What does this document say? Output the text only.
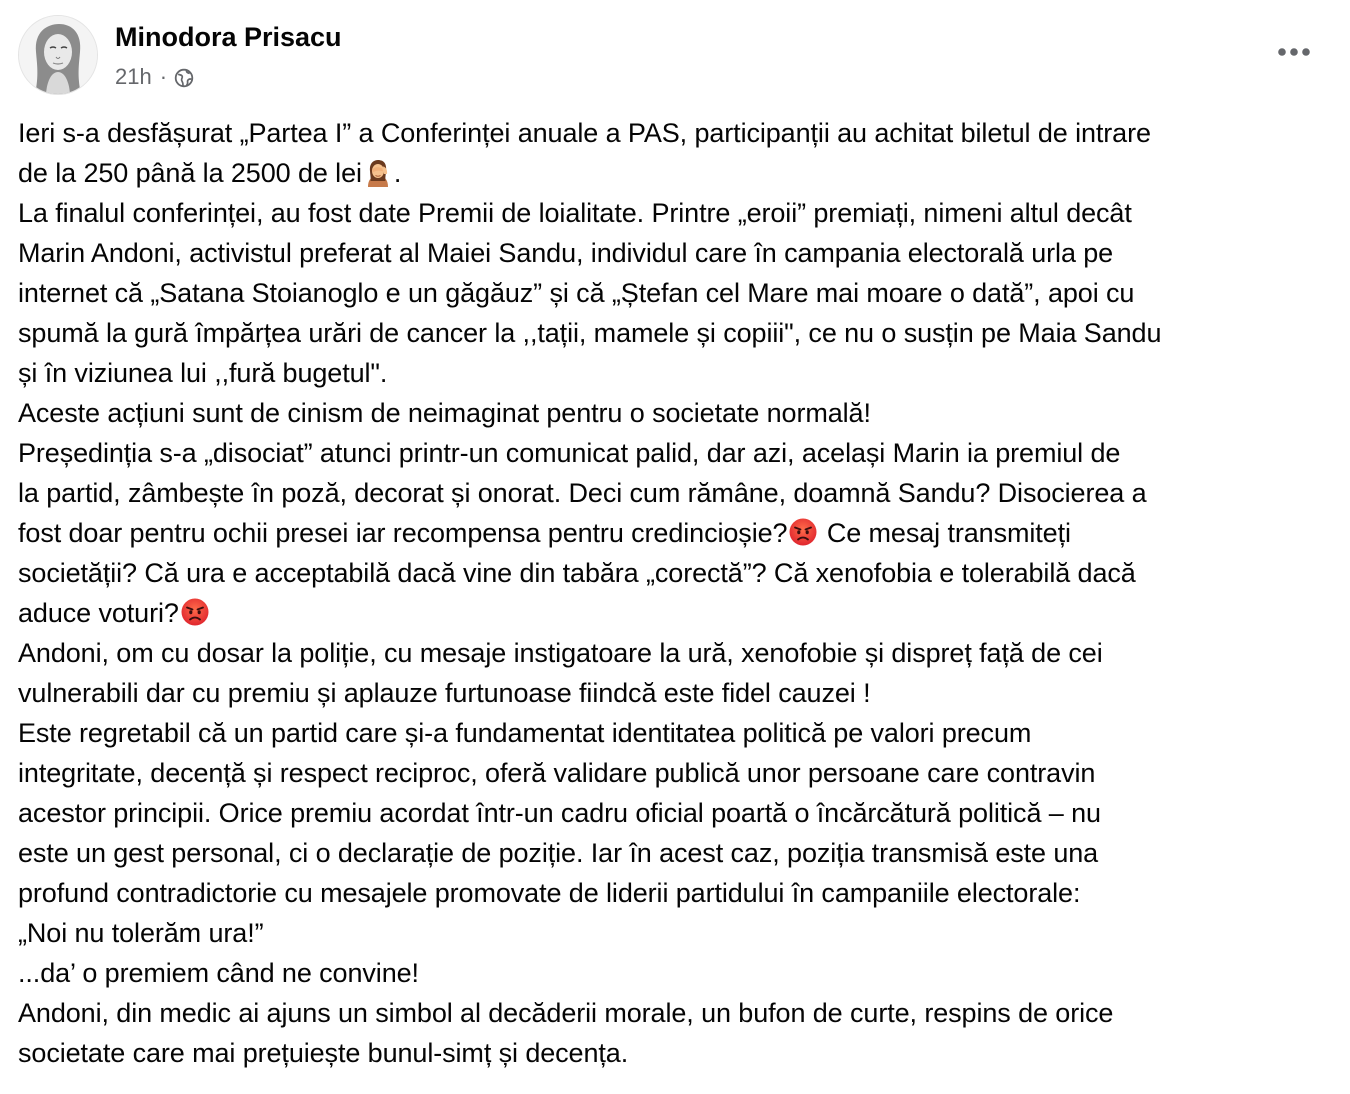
Minodora Prisacu
21h ·
Ieri s-a desfășurat „Partea I” a Conferinței anuale a PAS, participanții au achitat biletul de intrare
de la 250 până la 2500 de lei .
La finalul conferinței, au fost date Premii de loialitate. Printre „eroii” premiați, nimeni altul decât
Marin Andoni, activistul preferat al Maiei Sandu, individul care în campania electorală urla pe
internet că „Satana Stoianoglo e un găgăuz” și că „Ștefan cel Mare mai moare o dată”, apoi cu
spumă la gură împărțea urări de cancer la ,,tații, mamele și copiii", ce nu o susțin pe Maia Sandu
și în viziunea lui ,,fură bugetul".
Aceste acțiuni sunt de cinism de neimaginat pentru o societate normală!
Președinția s-a „disociat” atunci printr-un comunicat palid, dar azi, același Marin ia premiul de
la partid, zâmbește în poză, decorat și onorat. Deci cum rămâne, doamnă Sandu? Disocierea a
fost doar pentru ochii presei iar recompensa pentru credincioșie? Ce mesaj transmiteți
societății? Că ura e acceptabilă dacă vine din tabăra „corectă”? Că xenofobia e tolerabilă dacă
aduce voturi?
Andoni, om cu dosar la poliție, cu mesaje instigatoare la ură, xenofobie și dispreț față de cei
vulnerabili dar cu premiu și aplauze furtunoase fiindcă este fidel cauzei !
Este regretabil că un partid care și-a fundamentat identitatea politică pe valori precum
integritate, decență și respect reciproc, oferă validare publică unor persoane care contravin
acestor principii. Orice premiu acordat într-un cadru oficial poartă o încărcătură politică – nu
este un gest personal, ci o declarație de poziție. Iar în acest caz, poziția transmisă este una
profund contradictorie cu mesajele promovate de liderii partidului în campaniile electorale:
„Noi nu tolerăm ura!”
...da’ o premiem când ne convine!
Andoni, din medic ai ajuns un simbol al decăderii morale, un bufon de curte, respins de orice
societate care mai prețuiește bunul-simț și decența.
